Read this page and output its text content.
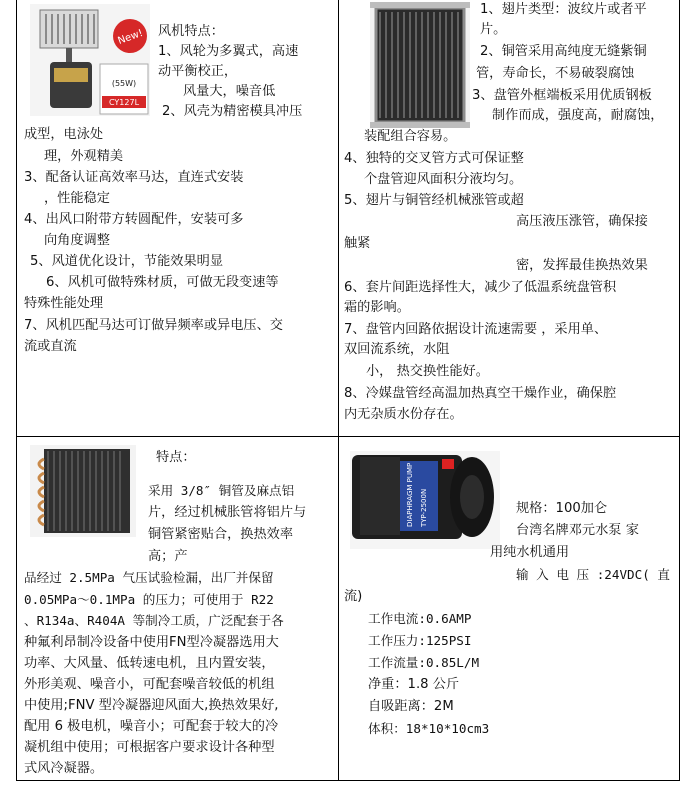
New!
(55W)
CY127L

风机特点：

1、风轮为多翼式，高速

动平衡校正，

风量大，噪音低

2、风壳为精密模具冲压

成型，电泳处

理，外观精美

3、配备认证高效率马达，直连式安装

，性能稳定

4、出风口附带方转圆配件，安装可多

向角度调整

5、风道优化设计，节能效果明显

6、风机可做特殊材质，可做无段变速等

特殊性能处理

7、风机匹配马达可订做异频率或异电压、交

流或直流

1、翅片类型：波纹片或者平

片。

2、铜管采用高纯度无缝紫铜

管，寿命长，不易破裂腐蚀

3、盘管外框端板采用优质钢板

制作而成，强度高，耐腐蚀，

装配组合容易。

4、独特的交叉管方式可保证整

个盘管迎风面积分液均匀。

5、翅片与铜管经机械涨管或超

高压液压涨管，确保接

触紧

密，发挥最佳换热效果

6、套片间距选择性大，减少了低温系统盘管积

霜的影响。

7、盘管内回路依据设计流速需要 ，采用单、

双回流系统，水阻

小， 热交换性能好。

8、冷媒盘管经高温加热真空干燥作业，确保腔

内无杂质水份存在。

特点：

采用 3/8″ 铜管及麻点铝

片，经过机械胀管将铝片与

铜管紧密贴合，换热效率

高；产

品经过 2.5MPa 气压试验检漏，出厂并保留

0.05MPa～0.1MPa 的压力；可使用于 R22

、R134a、R404A 等制冷工质，广泛配套于各

种氟利昂制冷设备中使用FN型冷凝器选用大

功率、大风量、低转速电机，且内置安装，

外形美观、噪音小，可配套噪音较低的机组

中使用;FNV 型冷凝器迎风面大,换热效果好,

配用 6 极电机，噪音小；可配套于较大的冷

凝机组中使用；可根据客户要求设计各种型

式风冷凝器。

DIAPHRAGM PUMP TYP-2500N	规格：100加仑

台湾名牌邓元水泵 家

用纯水机通用

输 入 电 压 :24VDC( 直

流)

工作电流:0.6AMP

工作压力:125PSI

工作流量:0.85L/M

净重：1.8 公斤

自吸距离：2M

体积：18*10*10cm3
